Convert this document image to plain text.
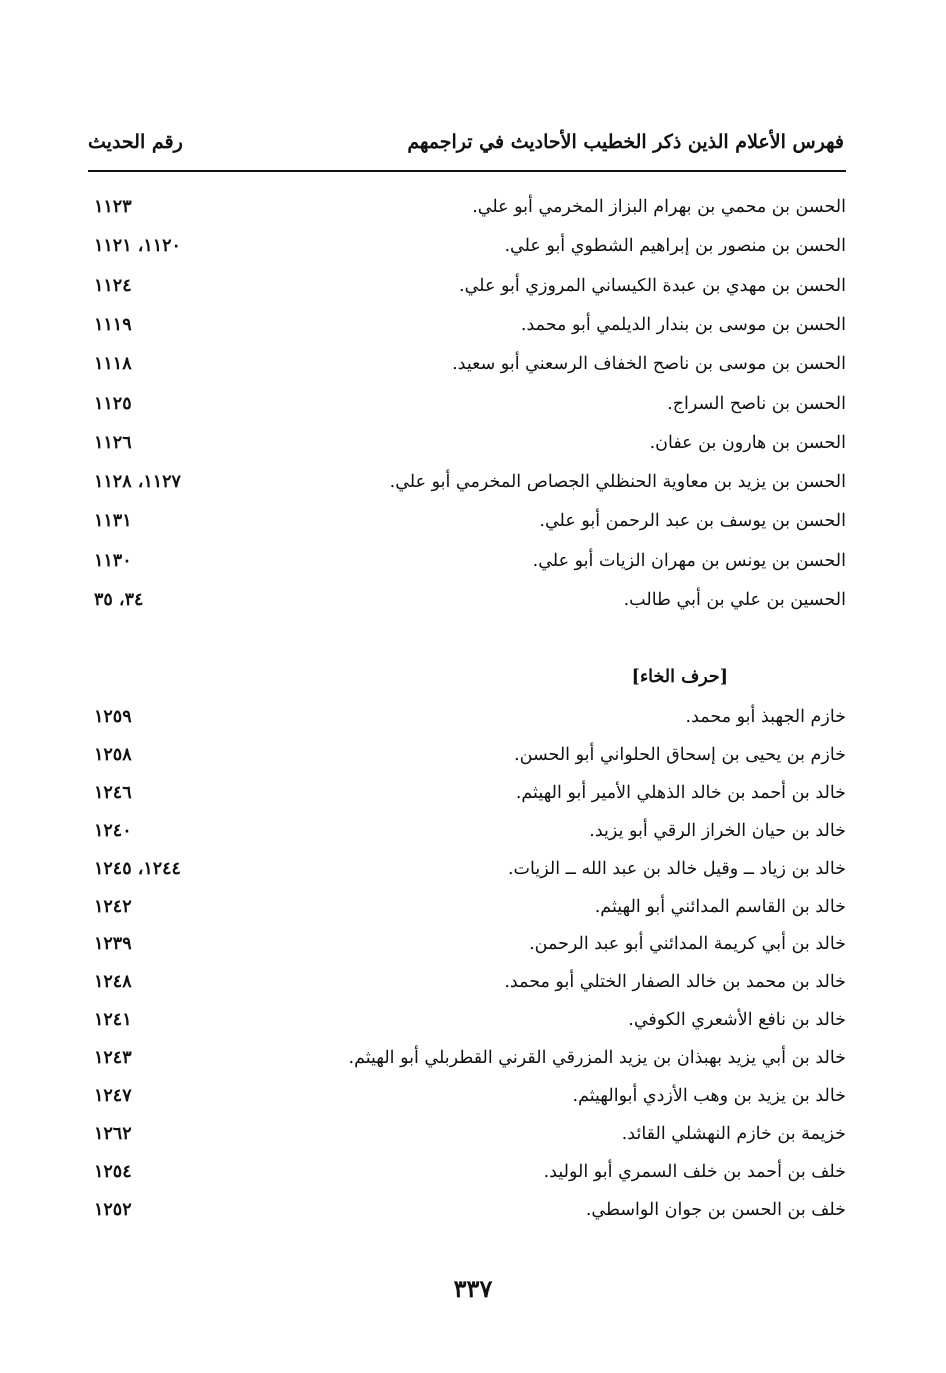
رقم الحديث	فهرس الأعلام الذين ذكر الخطيب الأحاديث في تراجمهم
الحسن بن محمي بن بهرام البزاز المخرمي أبو علي.
١١٢٣
الحسن بن منصور بن إبراهيم الشطوي أبو علي.
١١٢٠، ١١٢١
الحسن بن مهدي بن عبدة الكيساني المروزي أبو علي.
١١٢٤
الحسن بن موسى بن بندار الديلمي أبو محمد.
١١١٩
الحسن بن موسى بن ناصح الخفاف الرسعني أبو سعيد.
١١١٨
الحسن بن ناصح السراج.
١١٢٥
الحسن بن هارون بن عفان.
١١٢٦
الحسن بن يزيد بن معاوية الحنظلي الجصاص المخرمي أبو علي.
١١٢٧، ١١٢٨
الحسن بن يوسف بن عبد الرحمن أبو علي.
١١٣١
الحسن بن يونس بن مهران الزيات أبو علي.
١١٣٠
الحسين بن علي بن أبي طالب.
٣٤، ٣٥
[حرف الخاء]
خازم الجهبذ أبو محمد.
١٢٥٩
خازم بن يحيى بن إسحاق الحلواني أبو الحسن.
١٢٥٨
خالد بن أحمد بن خالد الذهلي الأمير أبو الهيثم.
١٢٤٦
خالد بن حيان الخراز الرقي أبو يزيد.
١٢٤٠
خالد بن زياد ــ وقيل خالد بن عبد الله ــ الزيات.
١٢٤٤، ١٢٤٥
خالد بن القاسم المدائني أبو الهيثم.
١٢٤٢
خالد بن أبي كريمة المدائني أبو عبد الرحمن.
١٢٣٩
خالد بن محمد بن خالد الصفار الختلي أبو محمد.
١٢٤٨
خالد بن نافع الأشعري الكوفي.
١٢٤١
خالد بن أبي يزيد بهبذان بن يزيد المزرقي القرني القطربلي أبو الهيثم.
١٢٤٣
خالد بن يزيد بن وهب الأزدي أبوالهيثم.
١٢٤٧
خزيمة بن خازم النهشلي القائد.
١٢٦٢
خلف بن أحمد بن خلف السمري أبو الوليد.
١٢٥٤
خلف بن الحسن بن جوان الواسطي.
١٢٥٢
٣٣٧
